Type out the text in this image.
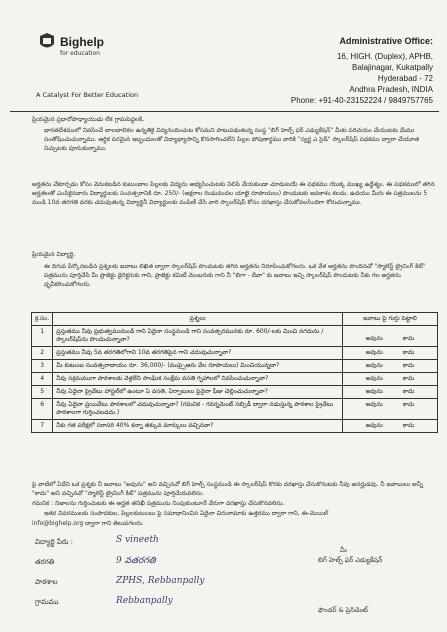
Bighelp
for education
A Catalyst For Better Education
Administrative Office:
16, HIGH. (Duplex), APHB,
Balajinagar, Kukatpally
Hyderabad - 72
Andhra Pradesh, INDIA
Phone: +91-40-23152224 / 9849757765
ప్రియమైన ప్రధానోపాధ్యాయుడు లేక గ్రామపెద్దలకి,
భారతదేశములో నివసించే బాలబాలికల ఉన్నతికై విద్యనందించుట కోసమని పాటుపడుతున్న సంస్థ "బిగ్ హెల్ప్ ఫర్ ఎడ్యుకేషన్" మీకు పరిచయం చేయుటకు మేము సంతోషించుచున్నాము. ఆర్థిక పరమైన ఇబ్బందులతో విద్యాభ్యాసాన్ని కొనసాగించలేని పిల్లల పోషణార్థము వారికి "స్వర్ణ ఎ సైడ్" స్కాలర్‌షిప్ పథకము ద్వారా చేయూత నిచ్చుటకు పూనుకున్నాము.
అర్హతను చేకూర్చడం కోసం వెనుకబడిన కుటుంబాల పిల్లలకు విద్యను అభ్యసించుటకు నిలిపి వేయకుండా చూడుటయే ఈ పథకము యొక్క ముఖ్య ఉద్దేశ్యం. ఈ పథకములో తగిన అర్హతలతో ఎంపికైనవారు విద్యార్థులకు సంవత్సరానికి రూ. 250/- (అక్షరాల రెండువందల యాభై రూపాయలు) పొందుటకు అవకాశం కలదు. ఉదయం మీరు ఈ పత్రములను 5 నుండి 10వ తరగతి వరకు చదువుతున్న విద్యార్థినీ విద్యార్థులకు పంపిణీ చేసి వారి స్కాలర్‌షిప్ కోసం దరఖాస్తు చేసుకోవలసిందిగా కోరుచున్నాము.
ప్రియమైన విద్యార్థి,
ఈ దిగువ పేర్కొనబడిన ప్రశ్నలకు జవాబు లిఖిత ద్వారా స్కాలర్‌షిప్ పొందుటకు తగిన అర్హతను నిరూపించుకోగలరు. ఒక వేళ అర్హతను పొందినచో "స్మాలెస్ట్ ట్రైనింగ్ కిట్" పత్రమును పూర్తిచేసి మీ ప్రాజెక్టు డైరెక్టరుకు గాని, ప్రాజెక్టు కమిటీ మెంబరుకు గాని నీ "బిగా - దేవా" కు జవాబు ఇచ్చి స్కాలర్‌షిప్ పొందుటకు నీకు గల అర్హతను ధృవీకరించుకోగలరు.
క్ర.సం.	ప్రశ్నలు	జవాబు పై గుర్తు పెట్టాలి
1	ప్రస్తుతము నీవు ప్రభుత్వమునుండి గాని ఏదైనా సంస్థనుండి గాని సంవత్సరమునకు రూ. 600/-లకు మించి నగదును / స్కాలర్‌షిప్‌ను పొందుచున్నావా?	అవును కాదు
2	ప్రస్తుతము నీవు 5వ తరగతిలోగాని 10వ తరగతిపైన గాని చదువుచున్నావా?	అవును కాదు
3	మీ కుటుంబ సంవత్సరాదాయం రూ. 36,000/- (ముప్పైఆరు వేల రూపాయలు) మించియున్నదా?	అవును కాదు
4	నీవు సక్రమముగా పాఠశాలకు వెళ్లలేని సాంఘిక సంక్షేమ వసతి గృహాలలో నివసించుచున్నావా?	అవును కాదు
5	నీవు ఏదైనా ప్రైవేటు హాస్టల్‌లో ఉంటూ ఏ వసతి, ఏర్పాటులు పైనైనా ఫీజు చెల్లించుచున్నావా?	అవును కాదు
6	నీవు ఏదైనా ప్రయివేటు పాఠశాలలో చదువుచున్నావా? (గమనిక - గవర్నమెంట్ సబ్సిడీ ద్వారా నడుస్తున్న పాఠశాల ప్రైవేటు పాఠశాలగా గుర్తించబడదు.)	అవును కాదు
7	నీకు గత పరీక్షలో సరాసరి 40% కన్నా తక్కువ మార్కులు వచ్చినవా?	అవును కాదు
పై వాటిలో ఏదేని ఒక ప్రశ్నకు నీ జవాబు "అవును" అని వచ్చినచో బిగ్ హెల్ప్ సంస్థనుండి ఈ స్కాలర్‌షిప్ కొరకు దరఖాస్తు చేసుకొనుటకు నీవు అనర్హుడవు. నీ జవాబులు అన్నీ "కాదు" అని వచ్చినచో "స్మాలెస్ట్ ట్రైనింగ్ కిట్" పత్రమును పూర్తిచేయవలెను.
గమనిక : నిజాలను గుర్తించుటకు ఈ అర్హత తనిఖీ పత్రమును నింపుకుంటూనే వేరుగా దరఖాస్తు చేసుకొనవలెను.
ఇతర వివరములకు సంపాదకుల, పిల్లలకుటుంబు పై సమాధానించిన ఏదైనా చిరునామాకు ఉత్తరము ద్వారా గాని, ఈ-మెయిల్
info@bighelp.org ద్వారా గాని తెలుపగలరు.
విద్యార్థి పేరు :	S vineeth
తరగతి	9 వతరగతి
పాఠశాల	ZPHS, Rebbanpally
గ్రామము	Rebbanpally
మీ
బిగ్ హెల్ప్ ఫర్ ఎడ్యుకేషన్
ఫౌండర్ & ప్రెసిడెంట్
